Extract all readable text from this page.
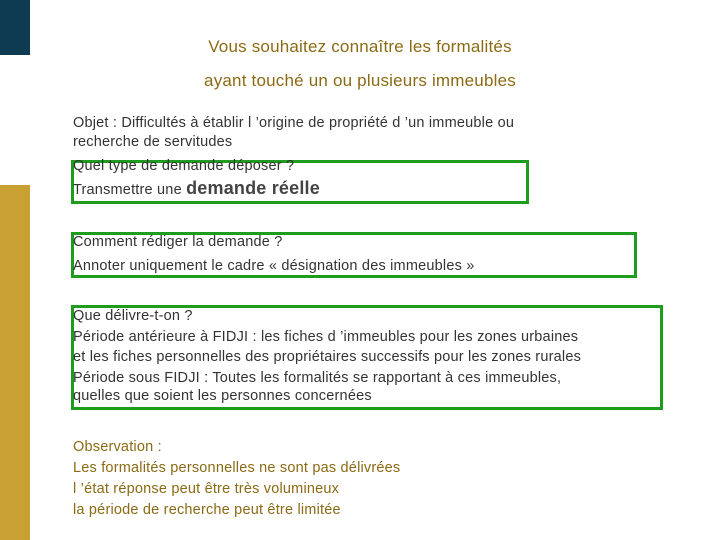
Vous souhaitez connaître les formalités
ayant touché un ou plusieurs immeubles
Objet : Difficultés à établir l ’origine de propriété d ’un immeuble ou
recherche de servitudes
Quel type de demande déposer ?
Transmettre une demande réelle
Comment rédiger la demande ?
Annoter uniquement le cadre « désignation des immeubles »
Que délivre-t-on ?
Période antérieure à FIDJI : les fiches d ’immeubles pour les zones urbaines
et les fiches personnelles des propriétaires successifs pour les zones rurales
Période sous FIDJI : Toutes les formalités se rapportant à ces immeubles,
quelles que soient les personnes concernées
Observation :
Les formalités personnelles ne sont pas délivrées
l ’état réponse peut être très volumineux
la période de recherche peut être limitée
